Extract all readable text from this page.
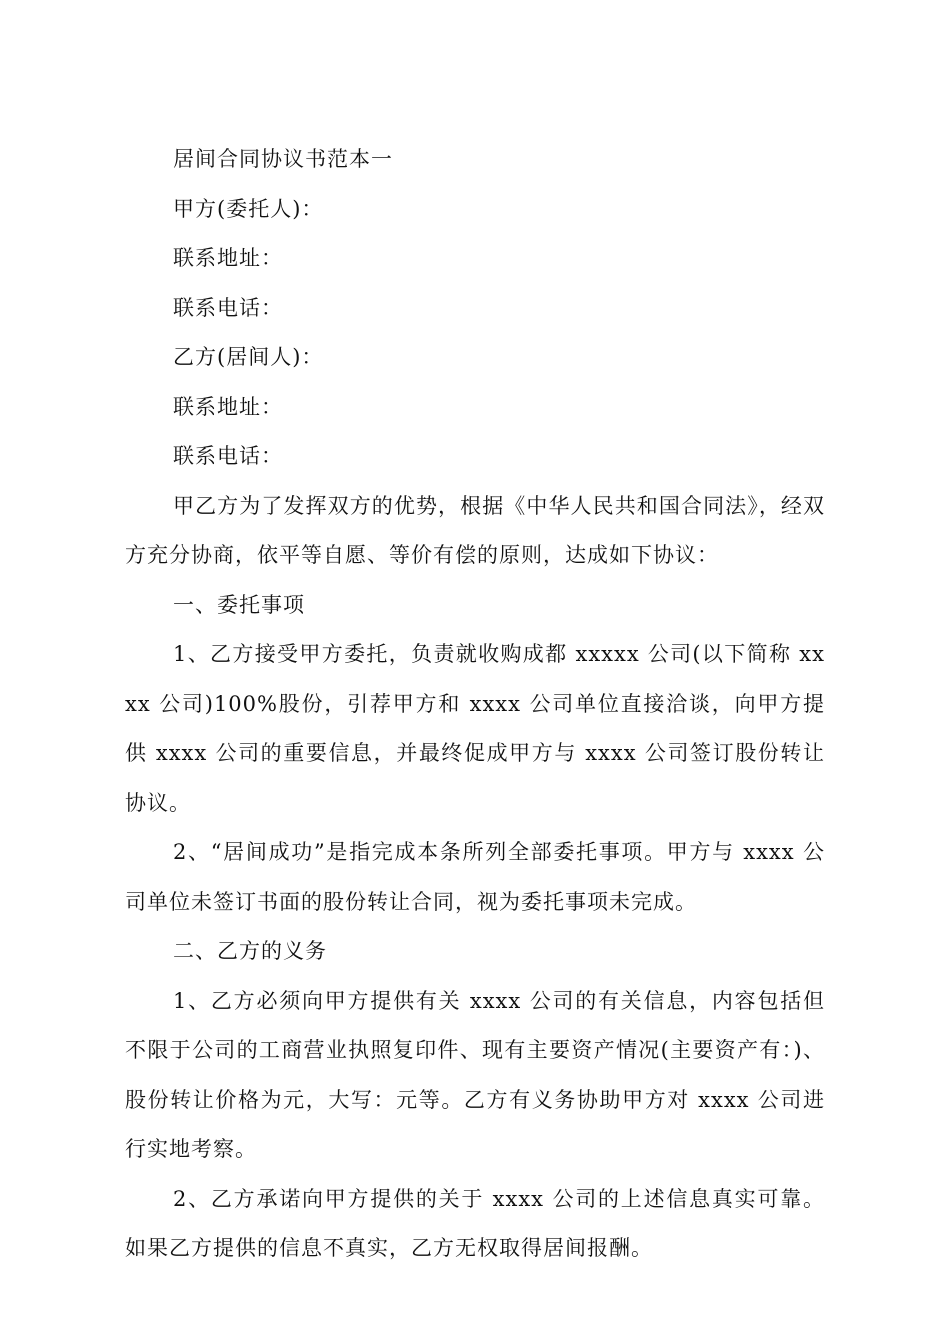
居间合同协议书范本一

甲方(委托人)：

联系地址：

联系电话：

乙方(居间人)：

联系地址：

联系电话：

甲乙方为了发挥双方的优势，根据《中华人民共和国合同法》，经双方充分协商，依平等自愿、等价有偿的原则，达成如下协议：

一、委托事项

1、乙方接受甲方委托，负责就收购成都 xxxxx 公司(以下简称 xxxx 公司)100%股份，引荐甲方和 xxxx 公司单位直接洽谈，向甲方提供 xxxx 公司的重要信息，并最终促成甲方与 xxxx 公司签订股份转让协议。

2、“居间成功”是指完成本条所列全部委托事项。甲方与 xxxx 公司单位未签订书面的股份转让合同，视为委托事项未完成。

二、乙方的义务

1、乙方必须向甲方提供有关 xxxx 公司的有关信息，内容包括但不限于公司的工商营业执照复印件、现有主要资产情况(主要资产有：)、股份转让价格为元，大写：元等。乙方有义务协助甲方对 xxxx 公司进行实地考察。

2、乙方承诺向甲方提供的关于 xxxx 公司的上述信息真实可靠。如果乙方提供的信息不真实，乙方无权取得居间报酬。
